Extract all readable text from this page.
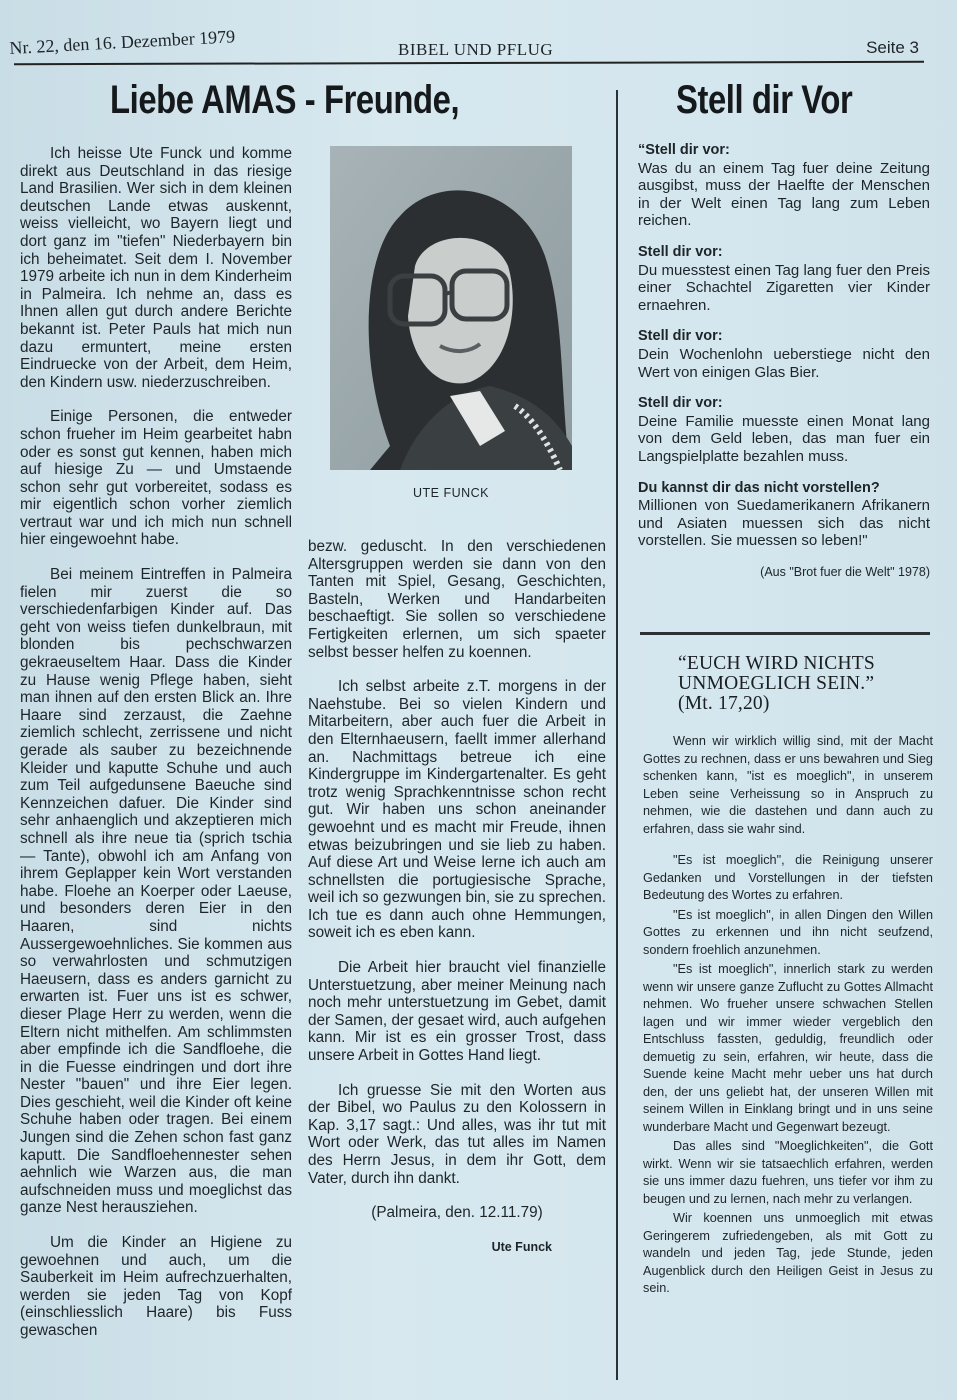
Nr. 22, den 16. Dezember 1979	BIBEL UND PFLUG	Seite 3
Liebe AMAS - Freunde,	Stell dir Vor

Ich heisse Ute Funck und komme direkt aus Deutschland in das riesige Land Brasilien. Wer sich in dem kleinen deutschen Lande etwas auskennt, weiss vielleicht, wo Bayern liegt und dort ganz im "tiefen" Niederbayern bin ich beheimatet. Seit dem I. November 1979 arbeite ich nun in dem Kinderheim in Palmeira. Ich nehme an, dass es Ihnen allen gut durch andere Berichte bekannt ist. Peter Pauls hat mich nun dazu ermuntert, meine ersten Eindruecke von der Arbeit, dem Heim, den Kindern usw. niederzuschreiben.

Einige Personen, die entweder schon frueher im Heim gearbeitet habn oder es sonst gut kennen, haben mich auf hiesige Zu — und Umstaende schon sehr gut vorbereitet, sodass es mir eigentlich schon vorher ziemlich vertraut war und ich mich nun schnell hier eingewoehnt habe.

Bei meinem Eintreffen in Palmeira fielen mir zuerst die so verschiedenfarbigen Kinder auf. Das geht von weiss tiefen dunkelbraun, mit blonden bis pechschwarzen gekraeuseltem Haar. Dass die Kinder zu Hause wenig Pflege haben, sieht man ihnen auf den ersten Blick an. Ihre Haare sind zerzaust, die Zaehne ziemlich schlecht, zerrissene und nicht gerade als sauber zu bezeichnende Kleider und kaputte Schuhe und auch zum Teil aufgedunsene Baeuche sind Kennzeichen dafuer. Die Kinder sind sehr anhaenglich und akzeptieren mich schnell als ihre neue tia (sprich tschia — Tante), obwohl ich am Anfang von ihrem Geplapper kein Wort verstanden habe. Floehe an Koerper oder Laeuse, und besonders deren Eier in den Haaren, sind nichts Aussergewoehnliches. Sie kommen aus so verwahrlosten und schmutzigen Haeusern, dass es anders garnicht zu erwarten ist. Fuer uns ist es schwer, dieser Plage Herr zu werden, wenn die Eltern nicht mithelfen. Am schlimmsten aber empfinde ich die Sandfloehe, die in die Fuesse eindringen und dort ihre Nester "bauen" und ihre Eier legen. Dies geschieht, weil die Kinder oft keine Schuhe haben oder tragen. Bei einem Jungen sind die Zehen schon fast ganz kaputt. Die Sandfloehennester sehen aehnlich wie Warzen aus, die man aufschneiden muss und moeglichst das ganze Nest herausziehen.

Um die Kinder an Higiene zu gewoehnen und auch, um die Sauberkeit im Heim aufrechzuerhalten, werden sie jeden Tag von Kopf (einschliesslich Haare) bis Fuss gewaschen

UTE FUNCK

bezw. geduscht. In den verschiedenen Altersgruppen werden sie dann von den Tanten mit Spiel, Gesang, Geschichten, Basteln, Werken und Handarbeiten beschaeftigt. Sie sollen so verschiedene Fertigkeiten erlernen, um sich spaeter selbst besser helfen zu koennen.

Ich selbst arbeite z.T. morgens in der Naehstube. Bei so vielen Kindern und Mitarbeitern, aber auch fuer die Arbeit in den Elternhaeusern, faellt immer allerhand an. Nachmittags betreue ich eine Kindergruppe im Kindergartenalter. Es geht trotz wenig Sprachkenntnisse schon recht gut. Wir haben uns schon aneinander gewoehnt und es macht mir Freude, ihnen etwas beizubringen und sie lieb zu haben. Auf diese Art und Weise lerne ich auch am schnellsten die portugiesische Sprache, weil ich so gezwungen bin, sie zu sprechen. Ich tue es dann auch ohne Hemmungen, soweit ich es eben kann.

Die Arbeit hier braucht viel finanzielle Unterstuetzung, aber meiner Meinung nach noch mehr unterstuetzung im Gebet, damit der Samen, der gesaet wird, auch aufgehen kann. Mir ist es ein grosser Trost, dass unsere Arbeit in Gottes Hand liegt.

Ich gruesse Sie mit den Worten aus der Bibel, wo Paulus zu den Kolossern in Kap. 3,17 sagt.: Und alles, was ihr tut mit Wort oder Werk, das tut alles im Namen des Herrn Jesus, in dem ihr Gott, dem Vater, durch ihn dankt.

(Palmeira, den. 12.11.79)

Ute Funck

“Stell dir vor:
Was du an einem Tag fuer deine Zeitung ausgibst, muss der Haelfte der Menschen in der Welt einen Tag lang zum Leben reichen.
Stell dir vor:
Du muesstest einen Tag lang fuer den Preis einer Schachtel Zigaretten vier Kinder ernaehren.
Stell dir vor:
Dein Wochenlohn ueberstiege nicht den Wert von einigen Glas Bier.
Stell dir vor:
Deine Familie muesste einen Monat lang von dem Geld leben, das man fuer ein Langspielplatte bezahlen muss.
Du kannst dir das nicht vorstellen?
Millionen von Suedamerikanern Afrikanern und Asiaten muessen sich das nicht vorstellen. Sie muessen so leben!"
(Aus "Brot fuer die Welt" 1978)
“EUCH WIRD NICHTS
UNMOEGLICH SEIN.”
(Mt. 17,20)

Wenn wir wirklich willig sind, mit der Macht Gottes zu rechnen, dass er uns bewahren und Sieg schenken kann, "ist es moeglich", in unserem Leben seine Verheissung so in Anspruch zu nehmen, wie die dastehen und dann auch zu erfahren, dass sie wahr sind.

"Es ist moeglich", die Reinigung unserer Gedanken und Vorstellungen in der tiefsten Bedeutung des Wortes zu erfahren.

"Es ist moeglich", in allen Dingen den Willen Gottes zu erkennen und ihn nicht seufzend, sondern froehlich anzunehmen.

"Es ist moeglich", innerlich stark zu werden wenn wir unsere ganze Zuflucht zu Gottes Allmacht nehmen. Wo frueher unsere schwachen Stellen lagen und wir immer wieder vergeblich den Entschluss fassten, geduldig, freundlich oder demuetig zu sein, erfahren, wir heute, dass die Suende keine Macht mehr ueber uns hat durch den, der uns geliebt hat, der unseren Willen mit seinem Willen in Einklang bringt und in uns seine wunderbare Macht und Gegenwart bezeugt.

Das alles sind "Moeglichkeiten", die Gott wirkt. Wenn wir sie tatsaechlich erfahren, werden sie uns immer dazu fuehren, uns tiefer vor ihm zu beugen und zu lernen, nach mehr zu verlangen.

Wir koennen uns unmoeglich mit etwas Geringerem zufriedengeben, als mit Gott zu wandeln und jeden Tag, jede Stunde, jeden Augenblick durch den Heiligen Geist in Jesus zu sein.
